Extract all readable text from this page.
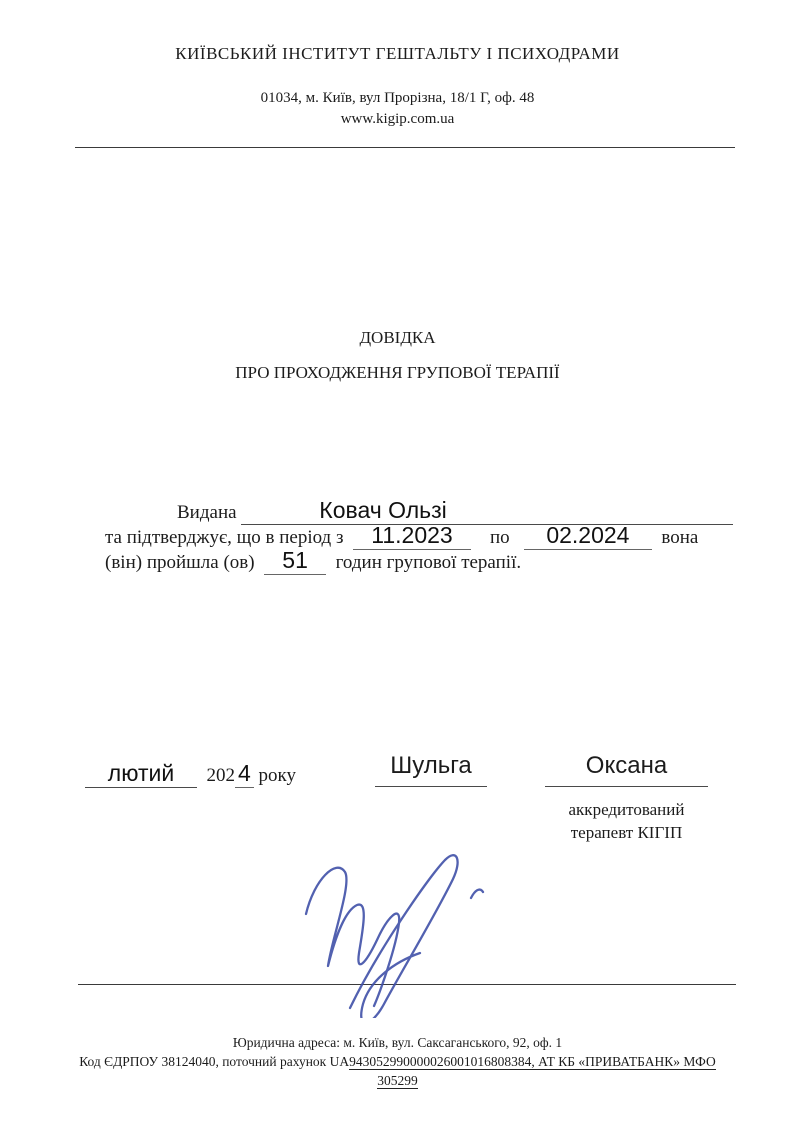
КИЇВСЬКИЙ ІНСТИТУТ ГЕШТАЛЬТУ І ПСИХОДРАМИ
01034, м. Київ, вул Прорізна, 18/1 Г, оф. 48
www.kigip.com.ua
ДОВІДКА
ПРО ПРОХОДЖЕННЯ ГРУПОВОЇ ТЕРАПІЇ
Видана
	Ковач Ользі
та підтверджує, що в період з
	11.2023
	по
	02.2024
	вона
(він) пройшла (ов)
	51
	годин групової терапії.
лютий
	202 4
року	Шульга	Оксана
аккредитований
терапевт КІГІП
Юридична адреса: м. Київ, вул. Саксаганського, 92, оф. 1
Код ЄДРПОУ 38124040, поточний рахунок UA943052990000026001016808384, АТ КБ «ПРИВАТБАНК» МФО
305299
